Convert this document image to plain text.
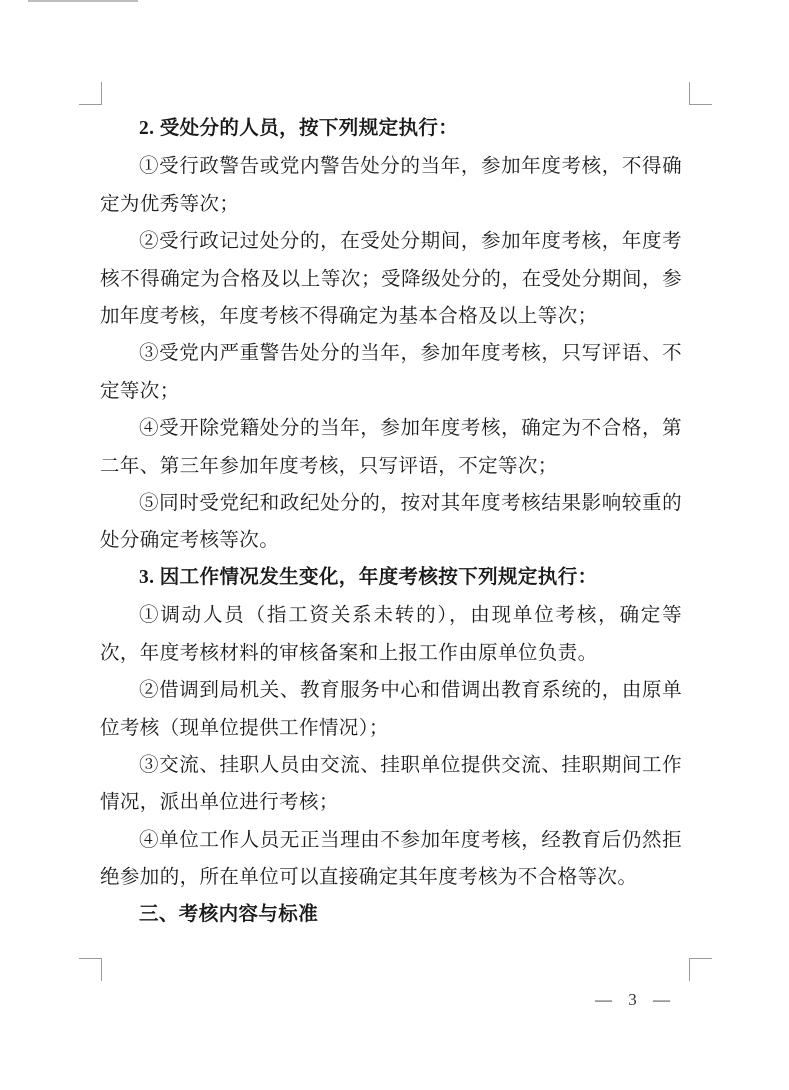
2. 受处分的人员，按下列规定执行：

①受行政警告或党内警告处分的当年，参加年度考核，不得确定为优秀等次；

②受行政记过处分的，在受处分期间，参加年度考核，年度考核不得确定为合格及以上等次；受降级处分的，在受处分期间，参加年度考核，年度考核不得确定为基本合格及以上等次；

③受党内严重警告处分的当年，参加年度考核，只写评语、不定等次；

④受开除党籍处分的当年，参加年度考核，确定为不合格，第二年、第三年参加年度考核，只写评语，不定等次；

⑤同时受党纪和政纪处分的，按对其年度考核结果影响较重的处分确定考核等次。

3. 因工作情况发生变化，年度考核按下列规定执行：

①调动人员（指工资关系未转的），由现单位考核，确定等次，年度考核材料的审核备案和上报工作由原单位负责。

②借调到局机关、教育服务中心和借调出教育系统的，由原单位考核（现单位提供工作情况）；

③交流、挂职人员由交流、挂职单位提供交流、挂职期间工作情况，派出单位进行考核；

④单位工作人员无正当理由不参加年度考核，经教育后仍然拒绝参加的，所在单位可以直接确定其年度考核为不合格等次。

三、考核内容与标准

— 3 —
